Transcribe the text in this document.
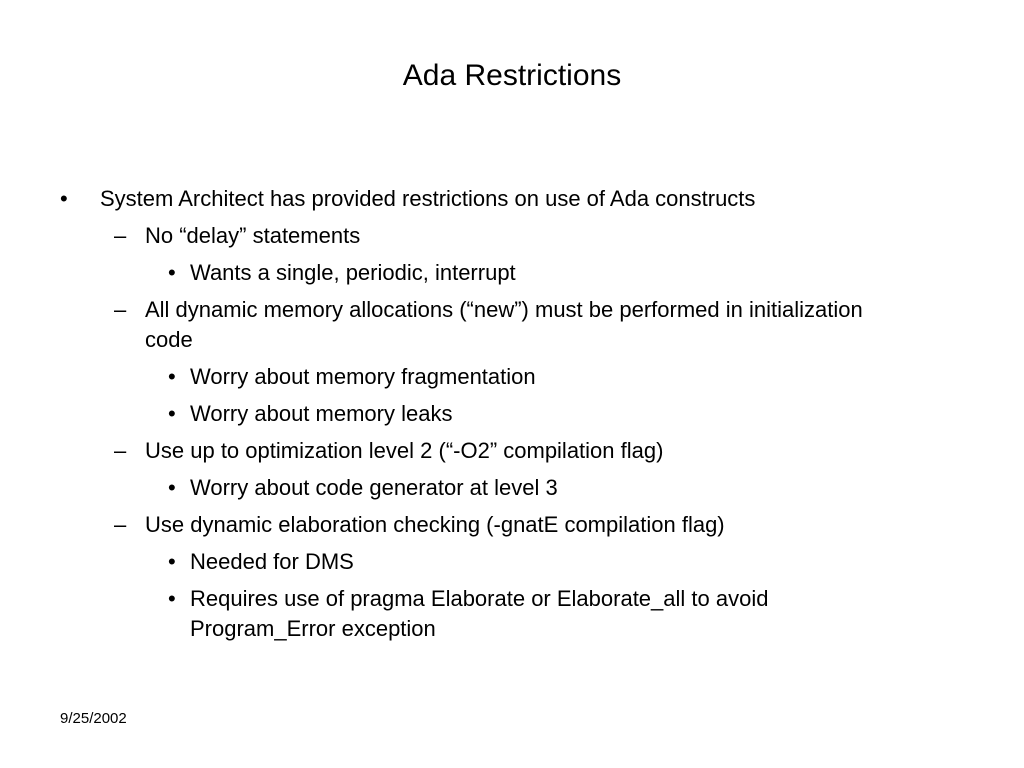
Ada Restrictions
• System Architect has provided restrictions on use of Ada constructs
– No “delay” statements
• Wants a single, periodic, interrupt
– All dynamic memory allocations (“new”) must be performed in initialization code
• Worry about memory fragmentation
• Worry about memory leaks
– Use up to optimization level 2 (“-O2” compilation flag)
• Worry about code generator at level 3
– Use dynamic elaboration checking (-gnatE compilation flag)
• Needed for DMS
• Requires use of pragma Elaborate or Elaborate_all to avoid Program_Error exception
9/25/2002
